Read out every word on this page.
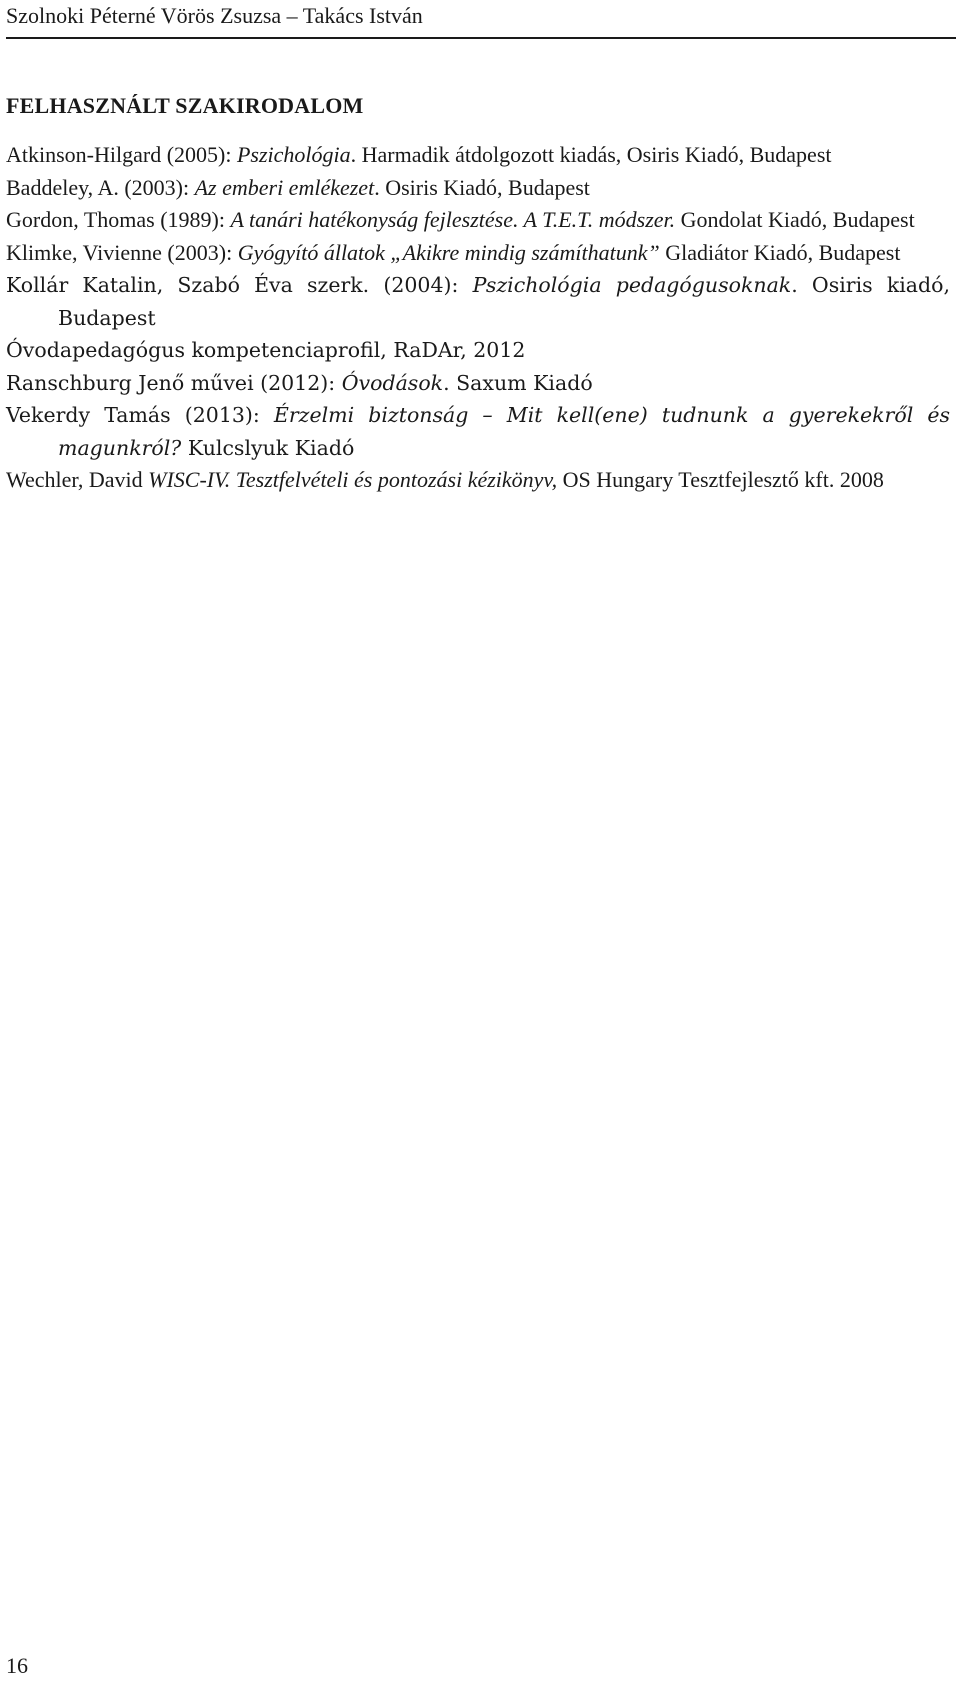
Szolnoki Péterné Vörös Zsuzsa – Takács István
FELHASZNÁLT SZAKIRODALOM
Atkinson-Hilgard (2005): Pszichológia. Harmadik átdolgozott kiadás, Osiris Kiadó, Budapest
Baddeley, A. (2003): Az emberi emlékezet. Osiris Kiadó, Budapest
Gordon, Thomas (1989): A tanári hatékonyság fejlesztése. A T.E.T. módszer. Gondolat Kiadó, Budapest
Klimke, Vivienne (2003): Gyógyító állatok „Akikre mindig számíthatunk” Gladiátor Kiadó, Budapest
Kollár Katalin, Szabó Éva szerk. (2004): Pszichológia pedagógusoknak. Osiris kiadó, Budapest
Óvodapedagógus kompetenciaprofil, RaDAr, 2012
Ranschburg Jenő művei (2012): Óvodások. Saxum Kiadó
Vekerdy Tamás (2013): Érzelmi biztonság – Mit kell(ene) tudnunk a gyerekekről és magunkról? Kulcslyuk Kiadó
Wechler, David WISC-IV. Tesztfelvételi és pontozási kézikönyv, OS Hungary Tesztfejlesztő kft. 2008
16
